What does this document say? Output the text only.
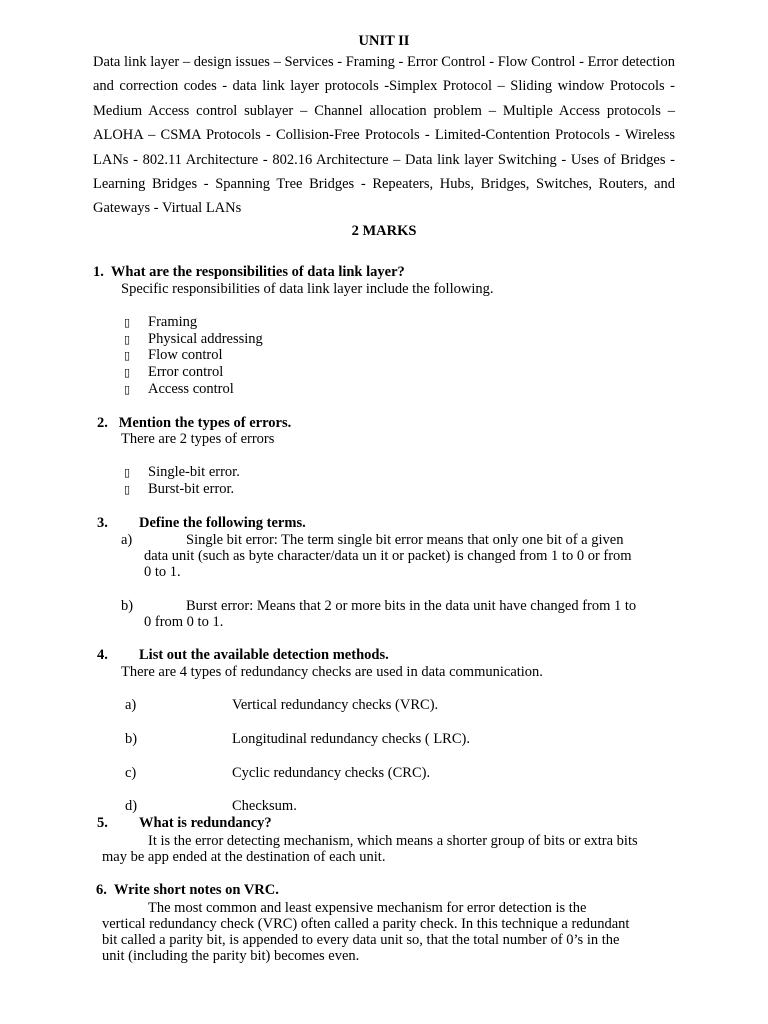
UNIT II
Data link layer – design issues – Services - Framing - Error Control - Flow Control - Error detection and correction codes - data link layer protocols -Simplex Protocol – Sliding window Protocols - Medium Access control sublayer – Channel allocation problem – Multiple Access protocols – ALOHA – CSMA Protocols - Collision-Free Protocols - Limited-Contention Protocols - Wireless LANs - 802.11 Architecture - 802.16 Architecture – Data link layer Switching - Uses of Bridges - Learning Bridges - Spanning Tree Bridges - Repeaters, Hubs, Bridges, Switches, Routers, and Gateways - Virtual LANs
2 MARKS
1. What are the responsibilities of data link layer?
Specific responsibilities of data link layer include the following.
▯ Framing
▯ Physical addressing
▯ Flow control
▯ Error control
▯ Access control
2. Mention the types of errors.
There are 2 types of errors
▯ Single-bit error.
▯ Burst-bit error.
3. Define the following terms.
a)	Single bit error: The term single bit error means that only one bit of a given
data unit (such as byte character/data un it or packet) is changed from 1 to 0 or from
0 to 1.
b)	Burst error: Means that 2 or more bits in the data unit have changed from 1 to
0 from 0 to 1.
4. List out the available detection methods.
There are 4 types of redundancy checks are used in data communication.
a)	Vertical redundancy checks (VRC).
b)	Longitudinal redundancy checks ( LRC).
c)	Cyclic redundancy checks (CRC).
d)	Checksum.
5. What is redundancy?
It is the error detecting mechanism, which means a shorter group of bits or extra bits
may be app ended at the destination of each unit.
6. Write short notes on VRC.
The most common and least expensive mechanism for error detection is the
vertical redundancy check (VRC) often called a parity check. In this technique a redundant
bit called a parity bit, is appended to every data unit so, that the total number of 0’s in the
unit (including the parity bit) becomes even.
